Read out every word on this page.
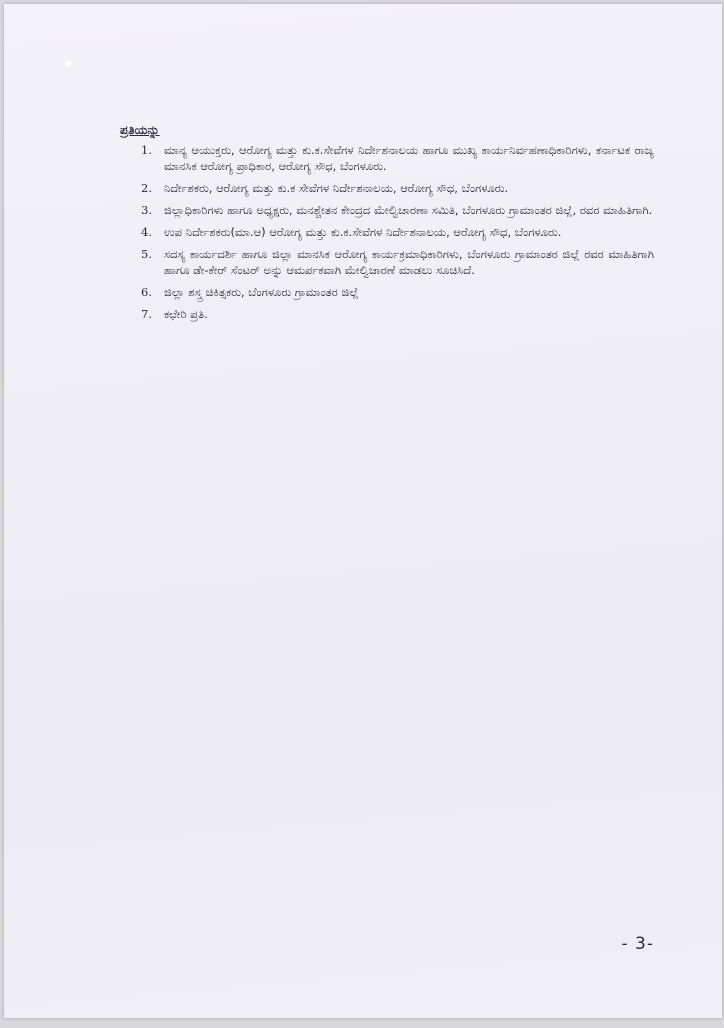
ಪ್ರತಿಯನ್ನು
1.	ಮಾನ್ಯ ಆಯುಕ್ತರು, ಆರೋಗ್ಯ ಮತ್ತು ಕು.ಕ.ಸೇವೆಗಳ ನಿರ್ದೇಶನಾಲಯ ಹಾಗೂ ಮುಖ್ಯ ಕಾರ್ಯನಿರ್ವಹಣಾಧಿಕಾರಿಗಳು, ಕರ್ನಾಟಕ ರಾಜ್ಯ ಮಾನಸಿಕ ಆರೋಗ್ಯ ಪ್ರಾಧಿಕಾರ, ಆರೋಗ್ಯ ಸೌಧ, ಬೆಂಗಳೂರು.
2.	ನಿರ್ದೇಶಕರು, ಆರೋಗ್ಯ ಮತ್ತು ಕು.ಕ ಸೇವೆಗಳ ನಿರ್ದೇಶನಾಲಯ, ಆರೋಗ್ಯ ಸೌಧ, ಬೆಂಗಳೂರು.
3.	ಜಿಲ್ಲಾಧಿಕಾರಿಗಳು ಹಾಗೂ ಅಧ್ಯಕ್ಷರು, ಮನಶ್ಚೇತನ ಕೇಂದ್ರದ ಮೇಲ್ವಿಚಾರಣಾ ಸಮಿತಿ, ಬೆಂಗಳೂರು ಗ್ರಾಮಾಂತರ ಜಿಲ್ಲೆ, ರವರ ಮಾಹಿತಿಗಾಗಿ.
4.	ಉಪ ನಿರ್ದೇಶಕರು(ಮಾ.ಆ) ಆರೋಗ್ಯ ಮತ್ತು ಕು.ಕ.ಸೇವೆಗಳ ನಿರ್ದೇಶನಾಲಯ, ಆರೋಗ್ಯ ಸೌಧ, ಬೆಂಗಳೂರು.
5.	ಸದಸ್ಯ ಕಾರ್ಯದರ್ಶಿ ಹಾಗೂ ಜಿಲ್ಲಾ ಮಾನಸಿಕ ಆರೋಗ್ಯ ಕಾರ್ಯಕ್ರಮಾಧಿಕಾರಿಗಳು, ಬೆಂಗಳೂರು ಗ್ರಾಮಾಂತರ ಜಿಲ್ಲೆ ರವರ ಮಾಹಿತಿಗಾಗಿ ಹಾಗೂ ಡೇ-ಕೇರ್ ಸೆಂಟರ್ ಅನ್ನು ಆಮರ್ಪಕವಾಗಿ ಮೇಲ್ವಿಚಾರಣೆ ಮಾಡಲು ಸೂಚಿಸಿದೆ.
6.	ಜಿಲ್ಲಾ ಶಸ್ತ್ರ ಚಿಕಿತ್ಸಕರು, ಬೆಂಗಳೂರು ಗ್ರಾಮಾಂತರ ಜಿಲ್ಲೆ
7.	ಕಛೇರಿ ಪ್ರತಿ.
- 3-
